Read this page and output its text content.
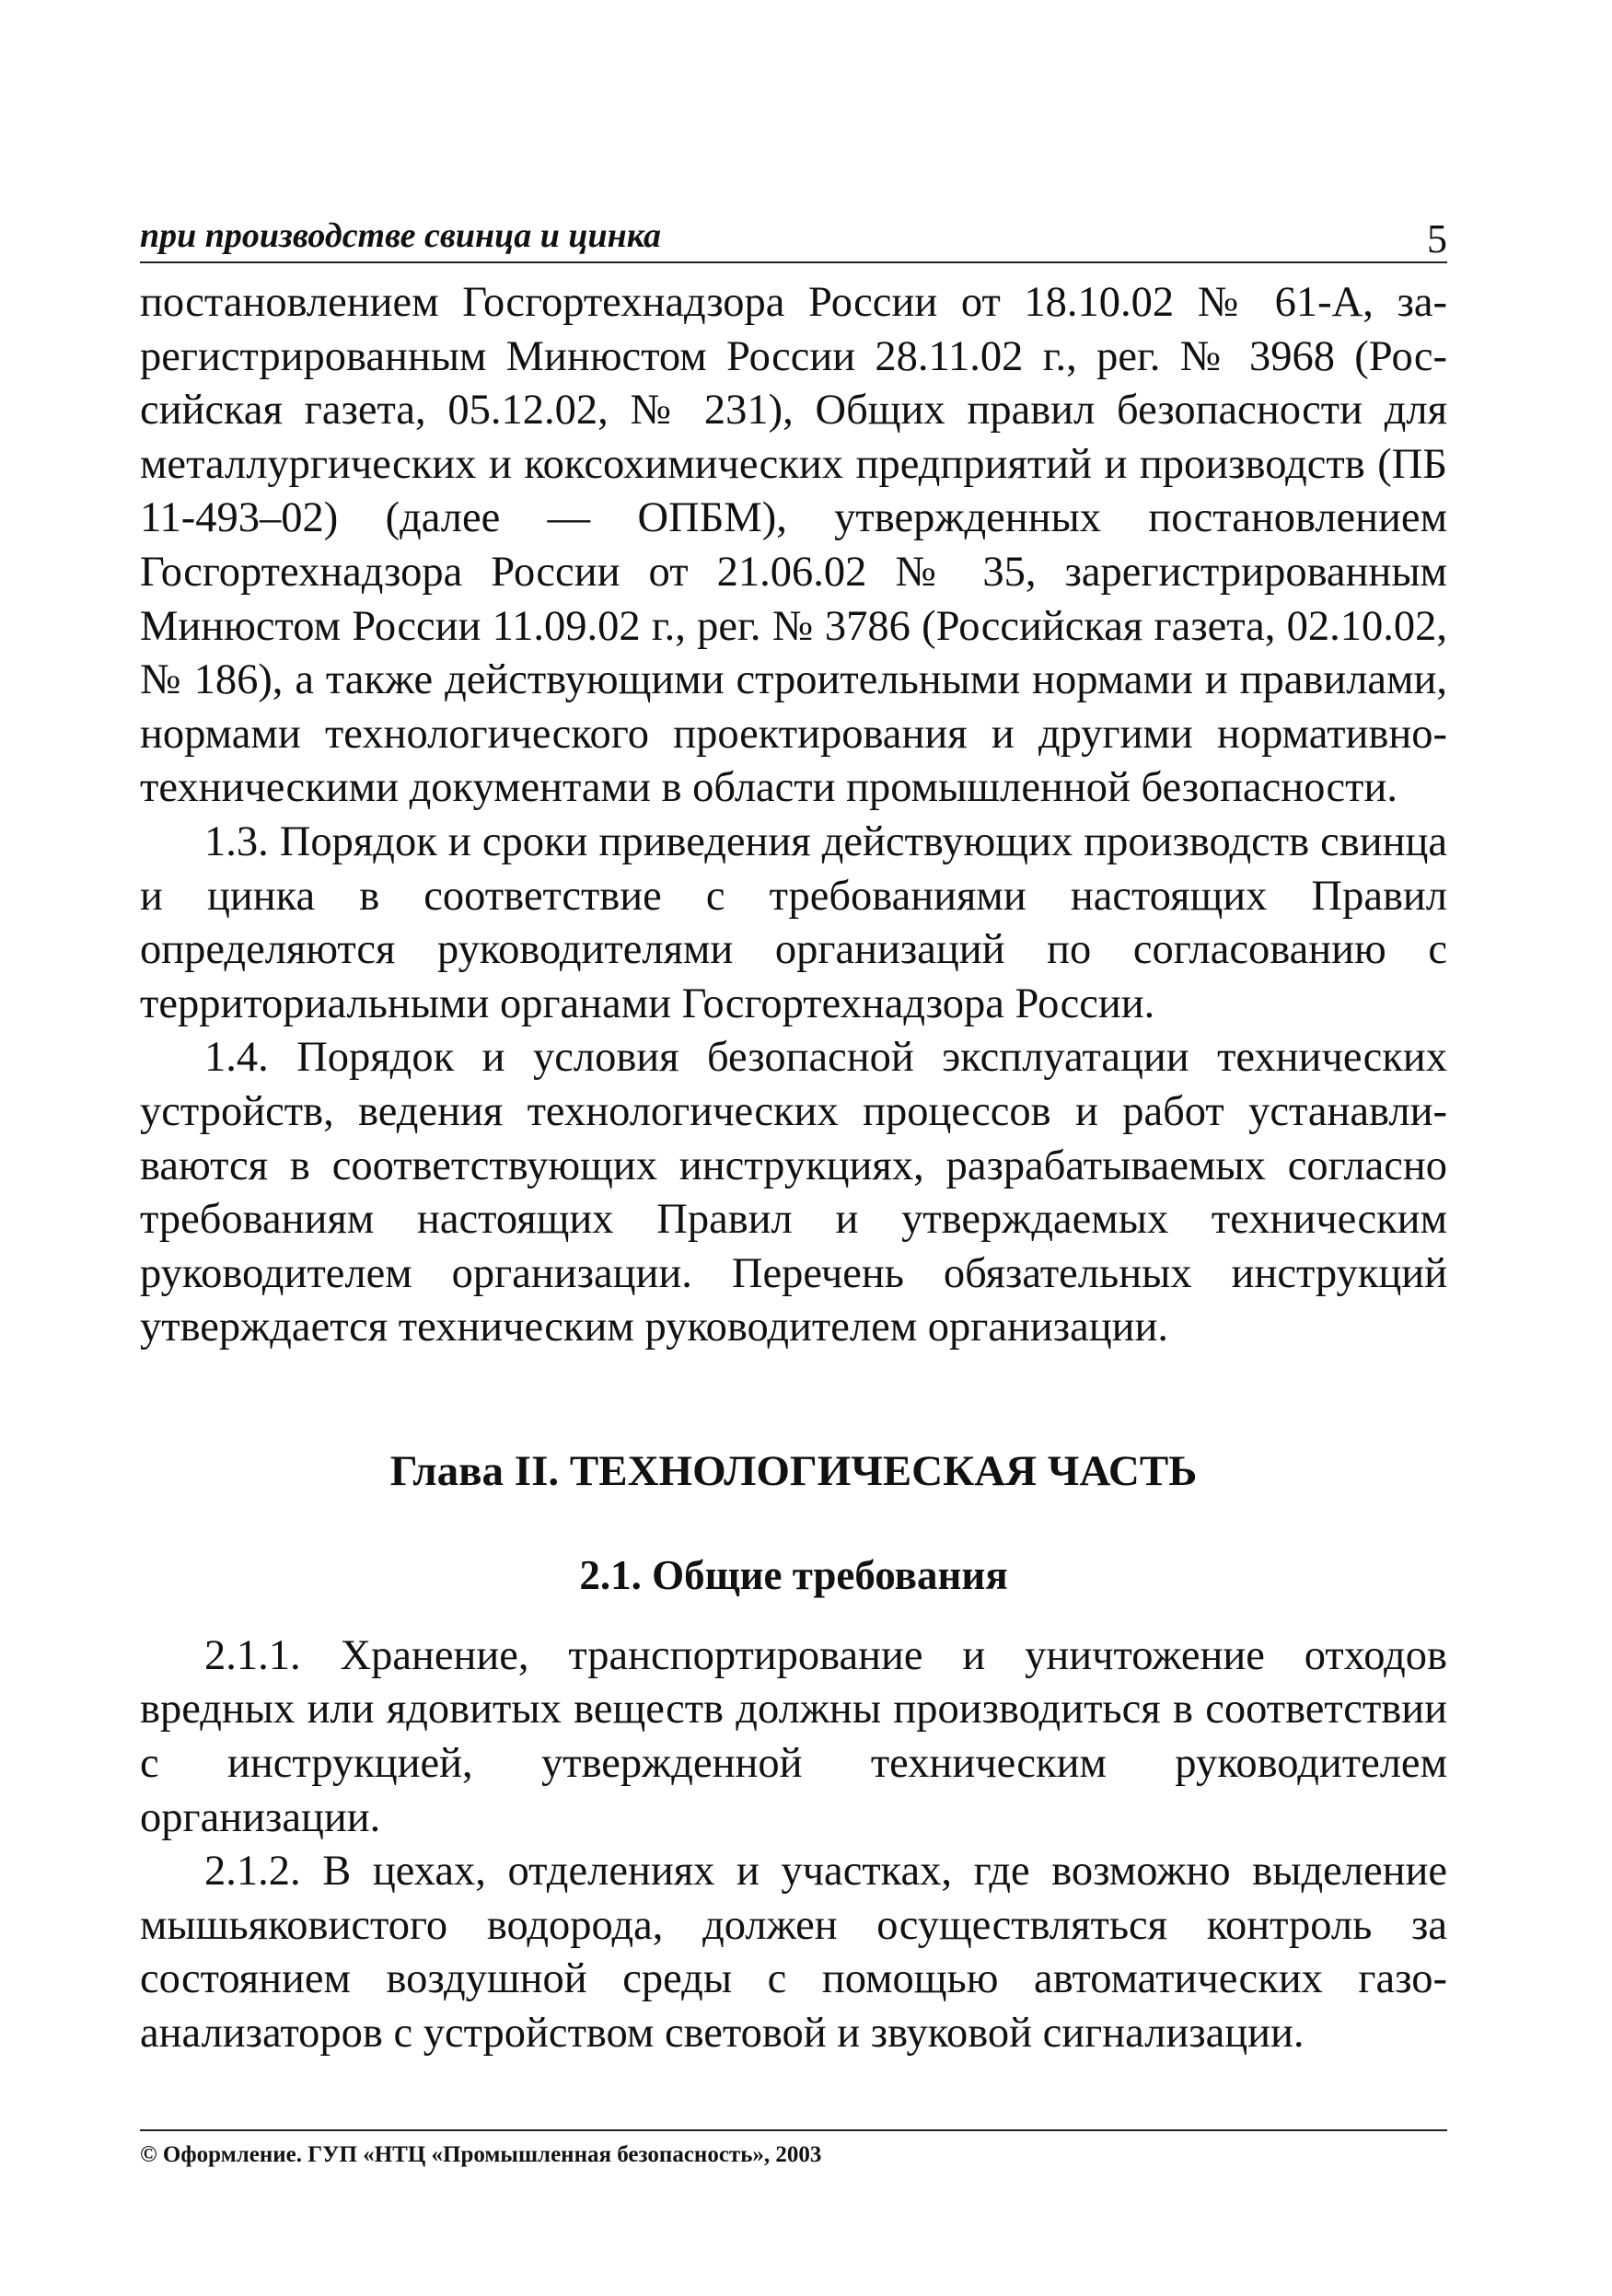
при производстве свинца и цинка	5

постановлением Госгортехнадзора России от 18.10.02 № 61-А, зарегистрированным Минюстом России 28.11.02 г., рег. № 3968 (Российская газета, 05.12.02, № 231), Общих правил безопасности для металлургических и коксохимических предприятий и производств (ПБ 11-493–02) (далее — ОПБМ), утвержденных постановлением Госгортехнадзора России от 21.06.02 № 35, зарегистрированным Минюстом России 11.09.02 г., рег. № 3786 (Российская газета, 02.10.02, № 186), а также действующими строительными нормами и правилами, нормами технологического проектирования и другими нормативно-техническими документами в области промышленной безопасности.

1.3. Порядок и сроки приведения действующих производств свинца и цинка в соответствие с требованиями настоящих Правил определяются руководителями организаций по согласованию с территориальными органами Госгортехнадзора России.

1.4. Порядок и условия безопасной эксплуатации технических устройств, ведения технологических процессов и работ устанавливаются в соответствующих инструкциях, разрабатываемых согласно требованиям настоящих Правил и утверждаемых техническим руководителем организации. Перечень обязательных инструкций утверждается техническим руководителем организации.

Глава II. ТЕХНОЛОГИЧЕСКАЯ ЧАСТЬ
2.1. Общие требования

2.1.1. Хранение, транспортирование и уничтожение отходов вредных или ядовитых веществ должны производиться в соответствии с инструкцией, утвержденной техническим руководителем организации.

2.1.2. В цехах, отделениях и участках, где возможно выделение мышьяковистого водорода, должен осуществляться контроль за состоянием воздушной среды с помощью автоматических газоанализаторов с устройством световой и звуковой сигнализации.

© Оформление. ГУП «НТЦ «Промышленная безопасность», 2003
